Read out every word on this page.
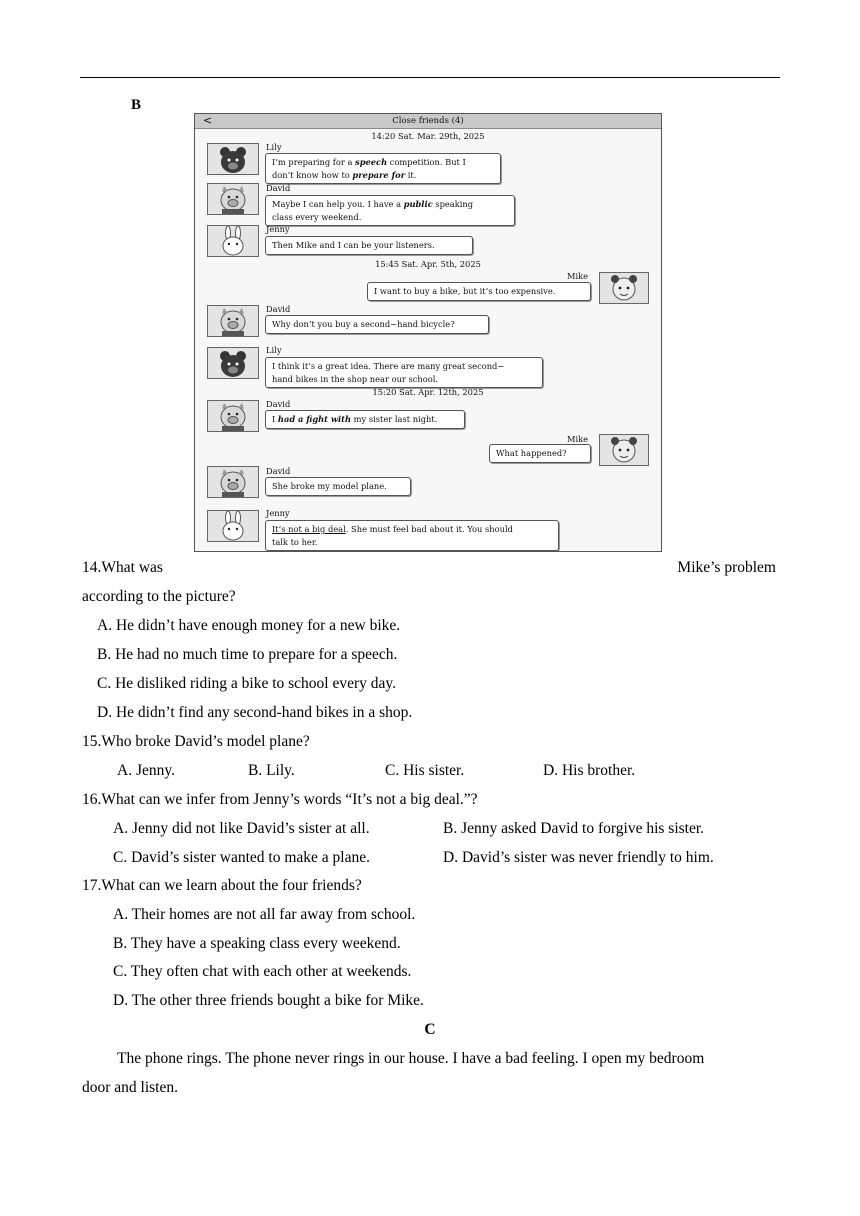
B
<	Close friends (4)
14:20 Sat. Mar. 29th, 2025
Lily
I’m preparing for a speech competition. But I
don’t know how to prepare for it.
David
Maybe I can help you. I have a public speaking
class every weekend.
Jenny
Then Mike and I can be your listeners.
15:45 Sat. Apr. 5th, 2025
Mike
I want to buy a bike, but it’s too expensive.
David
Why don’t you buy a second−hand bicycle?
Lily
I think it’s a great idea. There are many great second−
hand bikes in the shop near our school.
15:20 Sat. Apr. 12th, 2025
David
I had a fight with my sister last night.
Mike
What happened?
David
She broke my model plane.
Jenny
It’s not a big deal. She must feel bad about it. You should
talk to her.
14.What was	Mike’s problem
according to the picture?
A. He didn’t have enough money for a new bike.
B. He had no much time to prepare for a speech.
C. He disliked riding a bike to school every day.
D. He didn’t find any second-hand bikes in a shop.
15.Who broke David’s model plane?
A. Jenny.	B. Lily.	C. His sister.	D. His brother.
16.What can we infer from Jenny’s words “It’s not a big deal.”?
A. Jenny did not like David’s sister at all.	B. Jenny asked David to forgive his sister.
C. David’s sister wanted to make a plane.	D. David’s sister was never friendly to him.
17.What can we learn about the four friends?
A. Their homes are not all far away from school.
B. They have a speaking class every weekend.
C. They often chat with each other at weekends.
D. The other three friends bought a bike for Mike.
C
The phone rings. The phone never rings in our house. I have a bad feeling. I open my bedroom
door and listen.
